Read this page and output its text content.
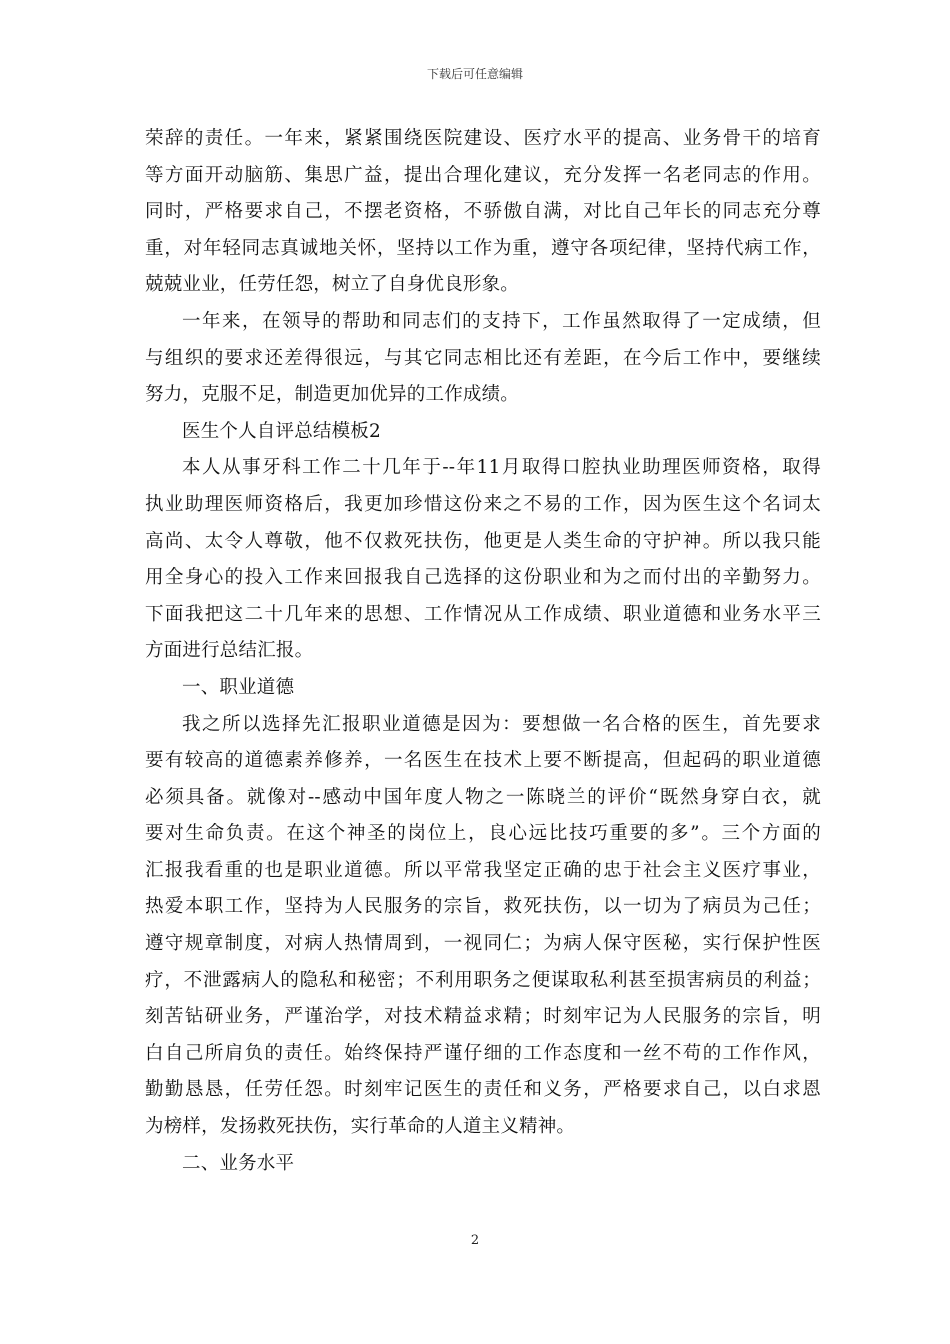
下载后可任意编辑

荣辞的责任。一年来，紧紧围绕医院建设、医疗水平的提高、业务骨干的培育
等方面开动脑筋、集思广益，提出合理化建议，充分发挥一名老同志的作用。
同时，严格要求自己，不摆老资格，不骄傲自满，对比自己年长的同志充分尊
重，对年轻同志真诚地关怀，坚持以工作为重，遵守各项纪律，坚持代病工作，
兢兢业业，任劳任怨，树立了自身优良形象。

一年来，在领导的帮助和同志们的支持下，工作虽然取得了一定成绩，但
与组织的要求还差得很远，与其它同志相比还有差距，在今后工作中，要继续
努力，克服不足，制造更加优异的工作成绩。

医生个人自评总结模板2

本人从事牙科工作二十几年于--年11月取得口腔执业助理医师资格，取得
执业助理医师资格后，我更加珍惜这份来之不易的工作，因为医生这个名词太
高尚、太令人尊敬，他不仅救死扶伤，他更是人类生命的守护神。所以我只能
用全身心的投入工作来回报我自己选择的这份职业和为之而付出的辛勤努力。
下面我把这二十几年来的思想、工作情况从工作成绩、职业道德和业务水平三
方面进行总结汇报。

一、职业道德

我之所以选择先汇报职业道德是因为：要想做一名合格的医生，首先要求
要有较高的道德素养修养，一名医生在技术上要不断提高，但起码的职业道德
必须具备。就像对--感动中国年度人物之一陈晓兰的评价“既然身穿白衣，就
要对生命负责。在这个神圣的岗位上，良心远比技巧重要的多”。三个方面的
汇报我看重的也是职业道德。所以平常我坚定正确的忠于社会主义医疗事业，
热爱本职工作，坚持为人民服务的宗旨，救死扶伤，以一切为了病员为己任；
遵守规章制度，对病人热情周到，一视同仁；为病人保守医秘，实行保护性医
疗，不泄露病人的隐私和秘密；不利用职务之便谋取私利甚至损害病员的利益；
刻苦钻研业务，严谨治学，对技术精益求精；时刻牢记为人民服务的宗旨，明
白自己所肩负的责任。始终保持严谨仔细的工作态度和一丝不苟的工作作风，
勤勤恳恳，任劳任怨。时刻牢记医生的责任和义务，严格要求自己，以白求恩
为榜样，发扬救死扶伤，实行革命的人道主义精神。

二、业务水平

2
